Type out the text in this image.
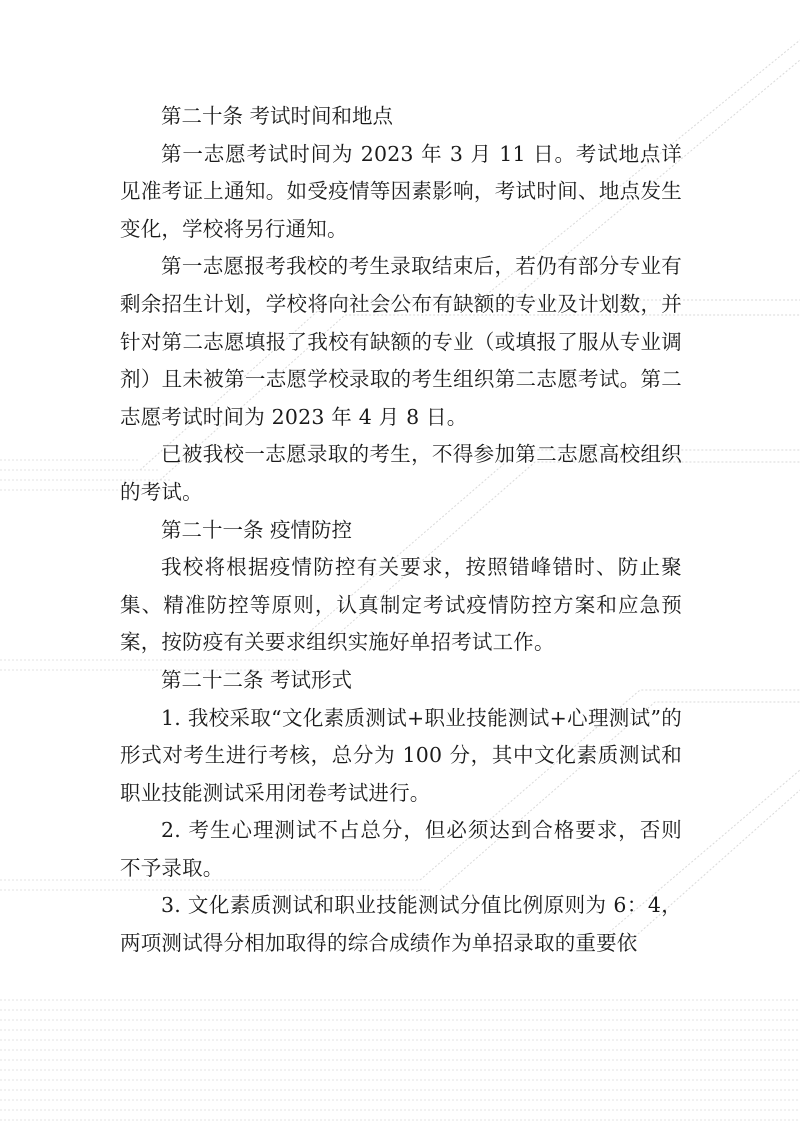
第二十条 考试时间和地点

第一志愿考试时间为 2023 年 3 月 11 日。考试地点详见准考证上通知。如受疫情等因素影响，考试时间、地点发生变化，学校将另行通知。

第一志愿报考我校的考生录取结束后，若仍有部分专业有剩余招生计划，学校将向社会公布有缺额的专业及计划数，并针对第二志愿填报了我校有缺额的专业（或填报了服从专业调剂）且未被第一志愿学校录取的考生组织第二志愿考试。第二志愿考试时间为 2023 年 4 月 8 日。

已被我校一志愿录取的考生，不得参加第二志愿高校组织的考试。

第二十一条 疫情防控

我校将根据疫情防控有关要求，按照错峰错时、防止聚集、精准防控等原则，认真制定考试疫情防控方案和应急预案，按防疫有关要求组织实施好单招考试工作。

第二十二条 考试形式

1. 我校采取“文化素质测试+职业技能测试+心理测试”的形式对考生进行考核，总分为 100 分，其中文化素质测试和职业技能测试采用闭卷考试进行。

2. 考生心理测试不占总分，但必须达到合格要求，否则不予录取。

3. 文化素质测试和职业技能测试分值比例原则为 6：4，两项测试得分相加取得的综合成绩作为单招录取的重要依
